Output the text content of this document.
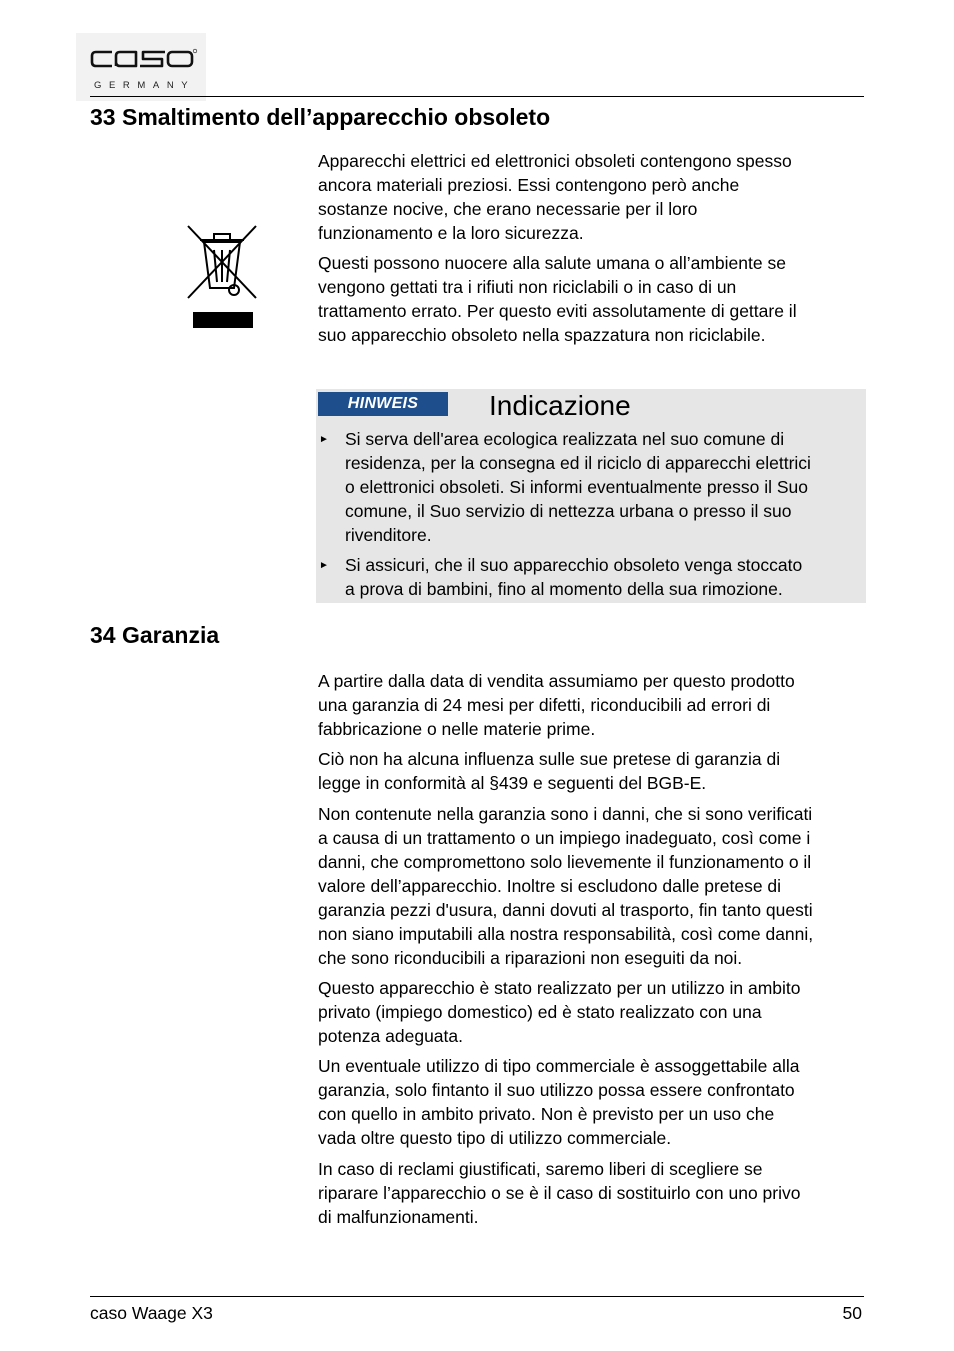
GERMANY
33 Smaltimento dell’apparecchio obsoleto

Apparecchi elettrici ed elettronici obsoleti contengono spesso
ancora materiali preziosi. Essi contengono però anche
sostanze nocive, che erano necessarie per il loro
funzionamento e la loro sicurezza.

Questi possono nuocere alla salute umana o all’ambiente se
vengono gettati tra i rifiuti non riciclabili o in caso di un
trattamento errato. Per questo eviti assolutamente di gettare il
suo apparecchio obsoleto nella spazzatura non riciclabile.

HINWEIS	Indicazione
► Si serva dell'area ecologica realizzata nel suo comune di
residenza, per la consegna ed il riciclo di apparecchi elettrici
o elettronici obsoleti. Si informi eventualmente presso il Suo
comune, il Suo servizio di nettezza urbana o presso il suo
rivenditore.
► Si assicuri, che il suo apparecchio obsoleto venga stoccato
a prova di bambini, fino al momento della sua rimozione.
34 Garanzia

A partire dalla data di vendita assumiamo per questo prodotto
una garanzia di 24 mesi per difetti, riconducibili ad errori di
fabbricazione o nelle materie prime.

Ciò non ha alcuna influenza sulle sue pretese di garanzia di
legge in conformità al §439 e seguenti del BGB-E.

Non contenute nella garanzia sono i danni, che si sono verificati
a causa di un trattamento o un impiego inadeguato, così come i
danni, che compromettono solo lievemente il funzionamento o il
valore dell’apparecchio. Inoltre si escludono dalle pretese di
garanzia pezzi d'usura, danni dovuti al trasporto, fin tanto questi
non siano imputabili alla nostra responsabilità, così come danni,
che sono riconducibili a riparazioni non eseguiti da noi.

Questo apparecchio è stato realizzato per un utilizzo in ambito
privato (impiego domestico) ed è stato realizzato con una
potenza adeguata.

Un eventuale utilizzo di tipo commerciale è assoggettabile alla
garanzia, solo fintanto il suo utilizzo possa essere confrontato
con quello in ambito privato. Non è previsto per un uso che
vada oltre questo tipo di utilizzo commerciale.

In caso di reclami giustificati, saremo liberi di scegliere se
riparare l’apparecchio o se è il caso di sostituirlo con uno privo
di malfunzionamenti.

caso Waage X3	50
